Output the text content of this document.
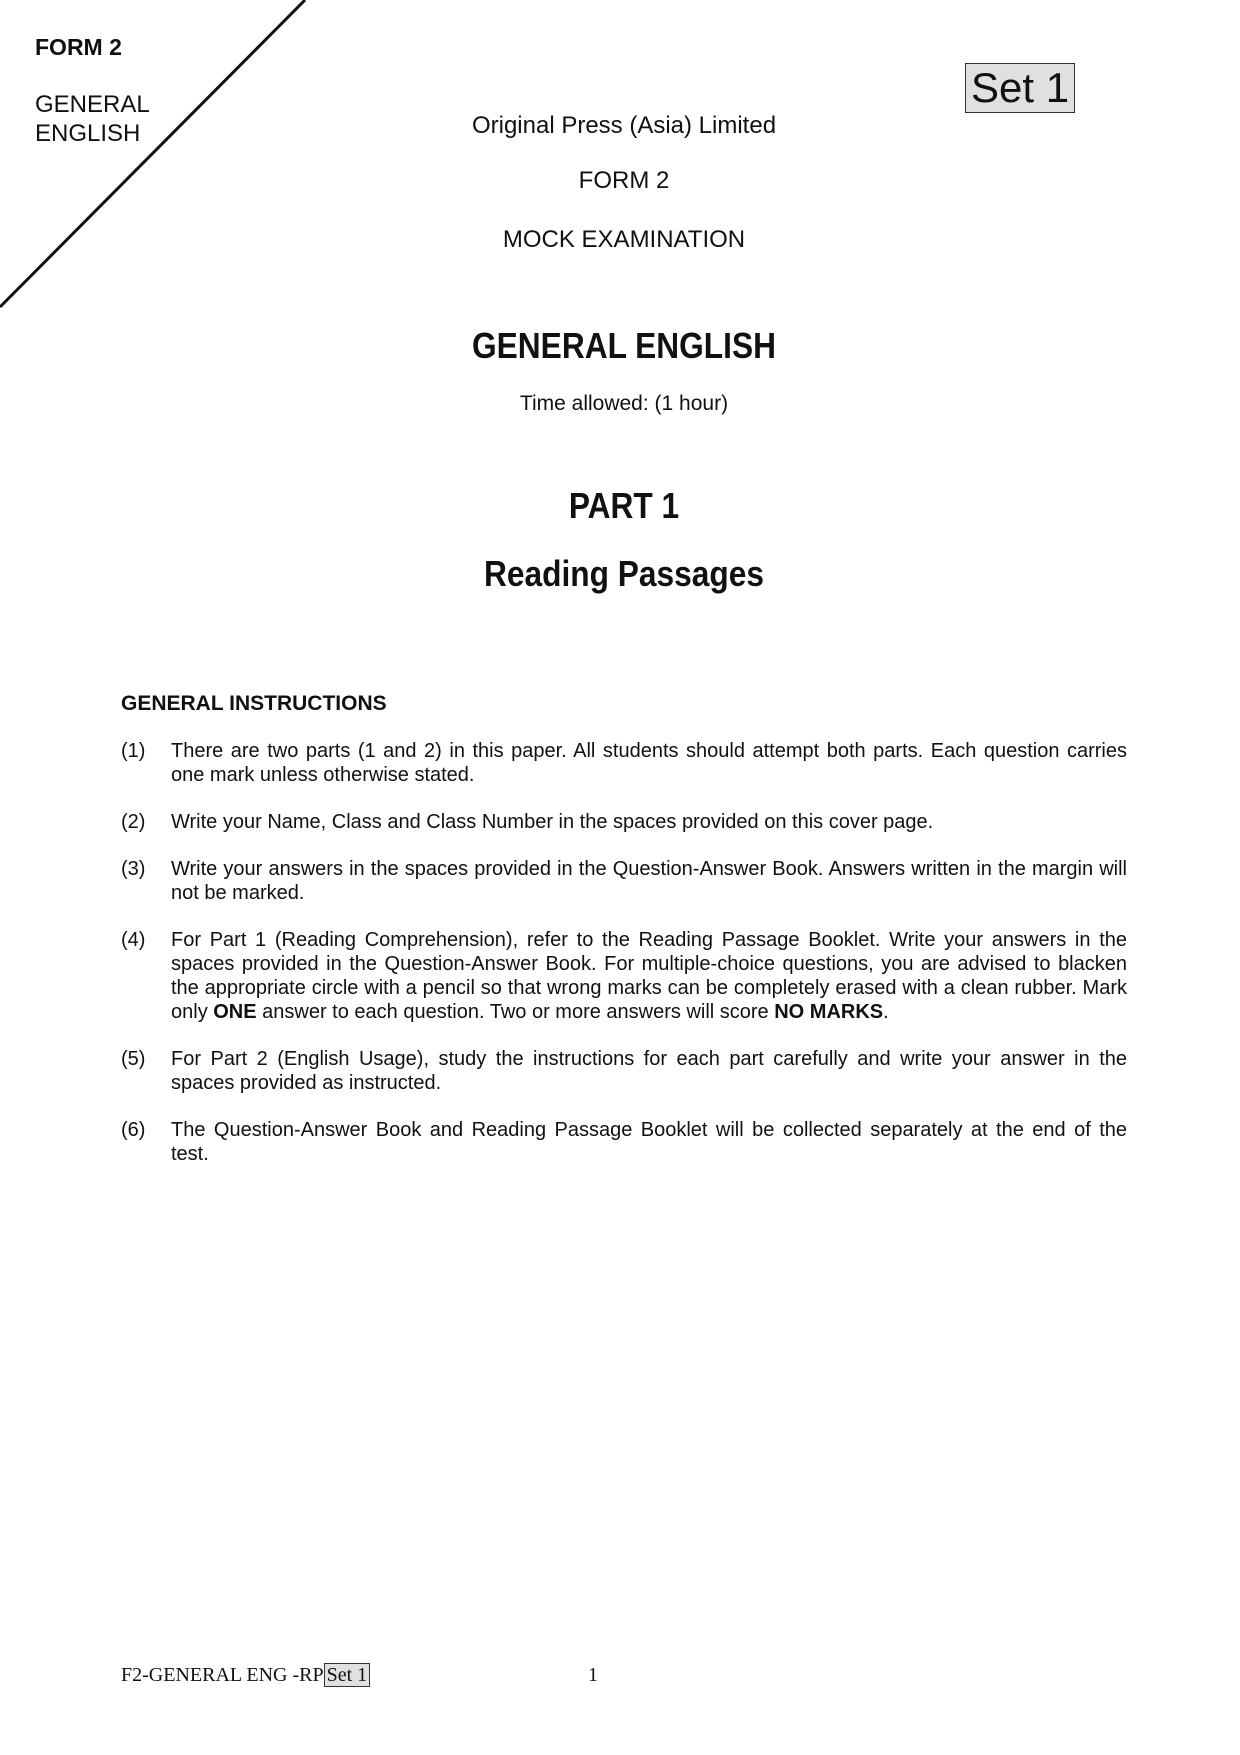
FORM 2
GENERAL
ENGLISH
Set 1
Original Press (Asia) Limited
FORM 2
MOCK EXAMINATION
GENERAL ENGLISH
Time allowed: (1 hour)
PART 1
Reading Passages
GENERAL INSTRUCTIONS
(1)	There are two parts (1 and 2) in this paper. All students should attempt both parts. Each question carries one mark unless otherwise stated.
(2)	Write your Name, Class and Class Number in the spaces provided on this cover page.
(3)	Write your answers in the spaces provided in the Question-Answer Book. Answers written in the margin will not be marked.
(4)	For Part 1 (Reading Comprehension), refer to the Reading Passage Booklet. Write your answers in the spaces provided in the Question-Answer Book. For multiple-choice questions, you are advised to blacken the appropriate circle with a pencil so that wrong marks can be completely erased with a clean rubber. Mark only ONE answer to each question. Two or more answers will score NO MARKS.
(5)	For Part 2 (English Usage), study the instructions for each part carefully and write your answer in the spaces provided as instructed.
(6)	The Question-Answer Book and Reading Passage Booklet will be collected separately at the end of the test.
F2-GENERAL ENG -RP Set 1	1
